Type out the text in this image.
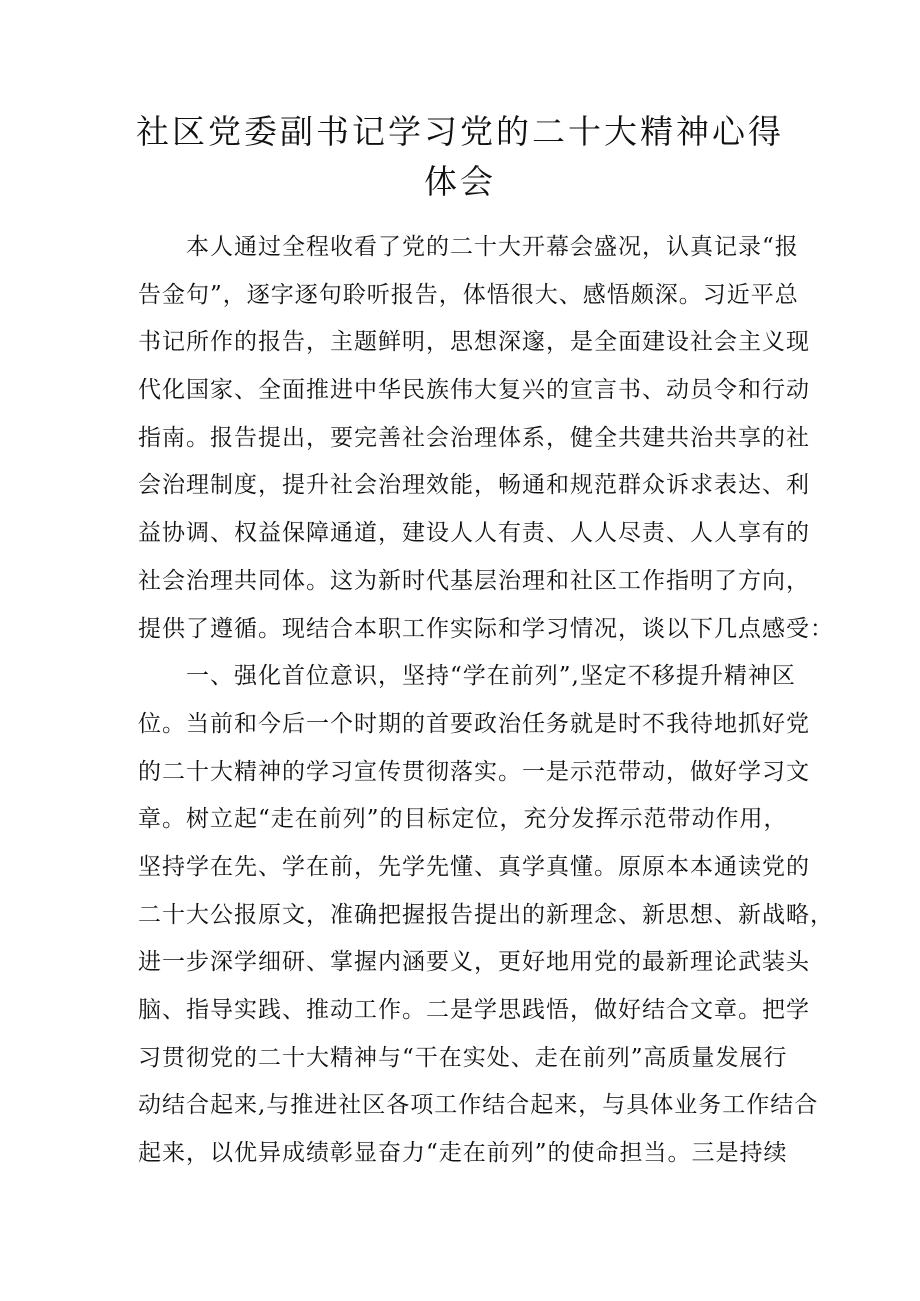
社区党委副书记学习党的二十大精神心得
体会
本人通过全程收看了党的二十大开幕会盛况，认真记录“报
告金句”，逐字逐句聆听报告，体悟很大、感悟颇深。习近平总
书记所作的报告，主题鲜明，思想深邃，是全面建设社会主义现
代化国家、全面推进中华民族伟大复兴的宣言书、动员令和行动
指南。报告提出，要完善社会治理体系，健全共建共治共享的社
会治理制度，提升社会治理效能，畅通和规范群众诉求表达、利
益协调、权益保障通道，建设人人有责、人人尽责、人人享有的
社会治理共同体。这为新时代基层治理和社区工作指明了方向，
提供了遵循。现结合本职工作实际和学习情况，谈以下几点感受：
一、强化首位意识，坚持“学在前列”,坚定不移提升精神区
位。当前和今后一个时期的首要政治任务就是时不我待地抓好党
的二十大精神的学习宣传贯彻落实。一是示范带动，做好学习文
章。树立起“走在前列”的目标定位，充分发挥示范带动作用，
坚持学在先、学在前，先学先懂、真学真懂。原原本本通读党的
二十大公报原文，准确把握报告提出的新理念、新思想、新战略，
进一步深学细研、掌握内涵要义，更好地用党的最新理论武装头
脑、指导实践、推动工作。二是学思践悟，做好结合文章。把学
习贯彻党的二十大精神与“干在实处、走在前列”高质量发展行
动结合起来,与推进社区各项工作结合起来，与具体业务工作结合
起来，以优异成绩彰显奋力“走在前列”的使命担当。三是持续
